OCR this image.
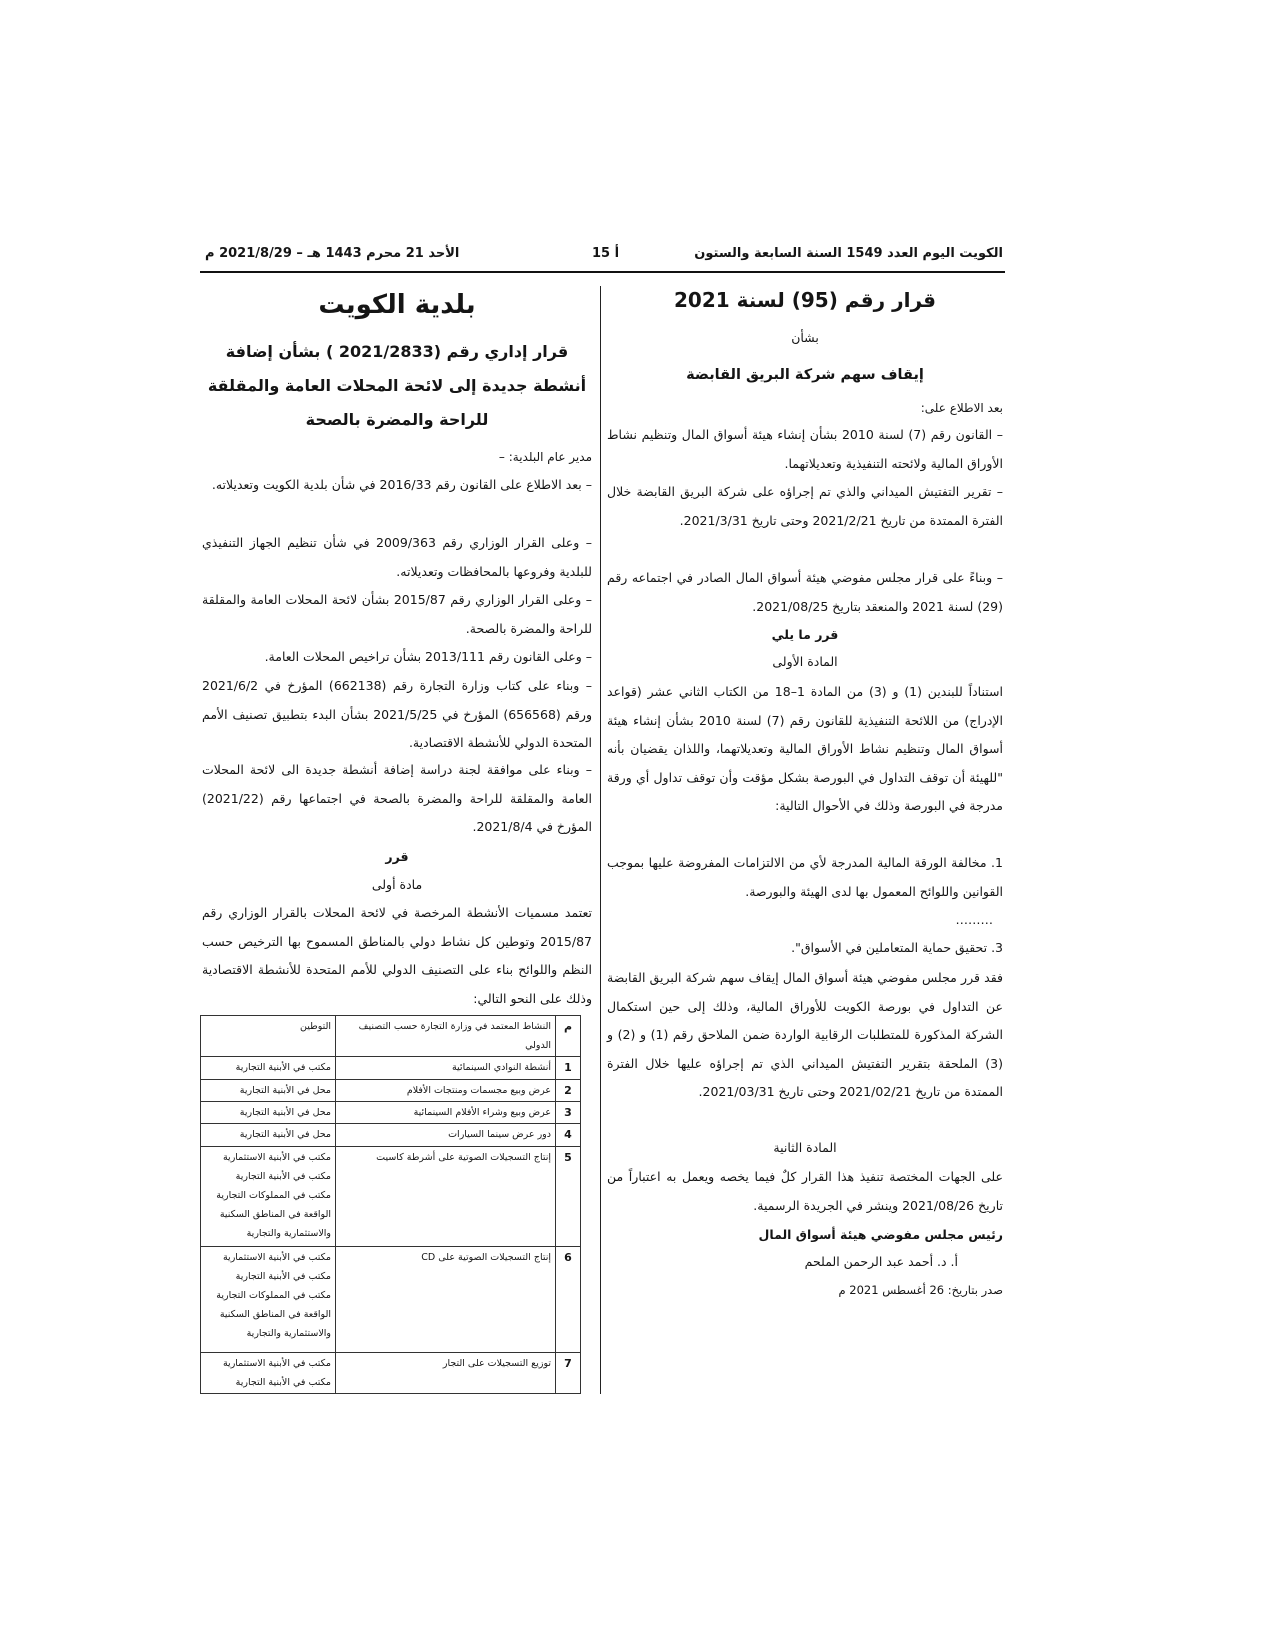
الكويت اليوم العدد 1549 السنة السابعة والستون
أ 15
الأحد 21 محرم 1443 هـ – 2021/8/29 م
قرار رقم (95) لسنة 2021
بشأن
إيقاف سهم شركة البريق القابضة
بعد الاطلاع على:
– القانون رقم (7) لسنة 2010 بشأن إنشاء هيئة أسواق المال وتنظيم نشاط الأوراق المالية ولائحته التنفيذية وتعديلاتهما.
– تقرير التفتيش الميداني والذي تم إجراؤه على شركة البريق القابضة خلال الفترة الممتدة من تاريخ 2021/2/21 وحتى تاريخ 2021/3/31.
– وبناءً على قرار مجلس مفوضي هيئة أسواق المال الصادر في اجتماعه رقم (29) لسنة 2021 والمنعقد بتاريخ 2021/08/25.
قرر ما يلي
المادة الأولى
استناداً للبندين (1) و (3) من المادة 1–18 من الكتاب الثاني عشر (قواعد الإدراج) من اللائحة التنفيذية للقانون رقم (7) لسنة 2010 بشأن إنشاء هيئة أسواق المال وتنظيم نشاط الأوراق المالية وتعديلاتهما، واللذان يقضيان بأنه "للهيئة أن توقف التداول في البورصة بشكل مؤقت وأن توقف تداول أي ورقة مدرجة في البورصة وذلك في الأحوال التالية:
1. مخالفة الورقة المالية المدرجة لأي من الالتزامات المفروضة عليها بموجب القوانين واللوائح المعمول بها لدى الهيئة والبورصة.
………
3. تحقيق حماية المتعاملين في الأسواق".
فقد قرر مجلس مفوضي هيئة أسواق المال إيقاف سهم شركة البريق القابضة عن التداول في بورصة الكويت للأوراق المالية، وذلك إلى حين استكمال الشركة المذكورة للمتطلبات الرقابية الواردة ضمن الملاحق رقم (1) و (2) و (3) الملحقة بتقرير التفتيش الميداني الذي تم إجراؤه عليها خلال الفترة الممتدة من تاريخ 2021/02/21 وحتى تاريخ 2021/03/31.
المادة الثانية
على الجهات المختصة تنفيذ هذا القرار كلٌ فيما يخصه ويعمل به اعتباراً من تاريخ 2021/08/26 وينشر في الجريدة الرسمية.
رئيس مجلس مفوضي هيئة أسواق المال
أ. د. أحمد عبد الرحمن الملحم
صدر بتاريخ: 26 أغسطس 2021 م
بلدية الكويت
قرار إداري رقم (2021/2833 ) بشأن إضافة
أنشطة جديدة إلى لائحة المحلات العامة والمقلقة
للراحة والمضرة بالصحة
مدير عام البلدية: –
– بعد الاطلاع على القانون رقم 2016/33 في شأن بلدية الكويت وتعديلاته.
– وعلى القرار الوزاري رقم 2009/363 في شأن تنظيم الجهاز التنفيذي للبلدية وفروعها بالمحافظات وتعديلاته.
– وعلى القرار الوزاري رقم 2015/87 بشأن لائحة المحلات العامة والمقلقة للراحة والمضرة بالصحة.
– وعلى القانون رقم 2013/111 بشأن تراخيص المحلات العامة.
– وبناء على كتاب وزارة التجارة رقم (662138) المؤرخ في 2021/6/2 ورقم (656568) المؤرخ في 2021/5/25 بشأن البدء بتطبيق تصنيف الأمم المتحدة الدولي للأنشطة الاقتصادية.
– وبناء على موافقة لجنة دراسة إضافة أنشطة جديدة الى لائحة المحلات العامة والمقلقة للراحة والمضرة بالصحة في اجتماعها رقم (2021/22) المؤرخ في 2021/8/4.
قرر
مادة أولى
تعتمد مسميات الأنشطة المرخصة في لائحة المحلات بالقرار الوزاري رقم 2015/87 وتوطين كل نشاط دولي بالمناطق المسموح بها الترخيص حسب النظم واللوائح بناء على التصنيف الدولي للأمم المتحدة للأنشطة الاقتصادية وذلك على النحو التالي:
م	النشاط المعتمد في وزارة التجارة حسب التصنيف الدولي	التوطين
1	أنشطة النوادي السينمائية	مكتب في الأبنية التجارية

2	عرض وبيع مجسمات ومنتجات الأفلام	محل في الأبنية التجارية

3	عرض وبيع وشراء الأفلام السينمائية	محل في الأبنية التجارية

4	دور عرض سينما السيارات	محل في الأبنية التجارية

5	إنتاج التسجيلات الصوتية على أشرطة كاسيت	مكتب في الأبنية الاستثمارية
مكتب في الأبنية التجارية
مكتب في المملوكات التجارية
الواقعة في المناطق السكنية
والاستثمارية والتجارية

6	إنتاج التسجيلات الصوتية على CD	مكتب في الأبنية الاستثمارية
مكتب في الأبنية التجارية
مكتب في المملوكات التجارية
الواقعة في المناطق السكنية
والاستثمارية والتجارية

7	توزيع التسجيلات على التجار	مكتب في الأبنية الاستثمارية
مكتب في الأبنية التجارية
